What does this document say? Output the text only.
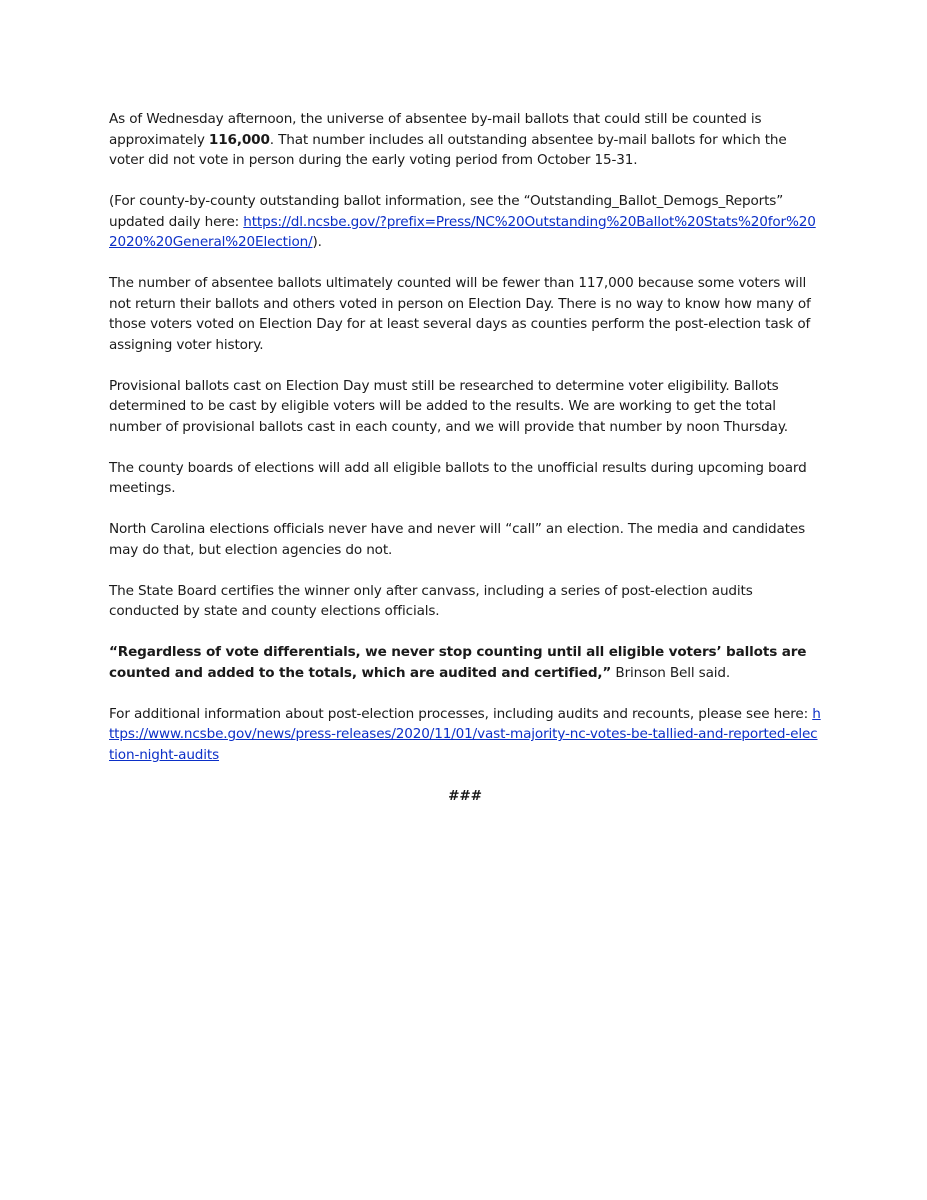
As of Wednesday afternoon, the universe of absentee by-mail ballots that could still be counted is approximately 116,000. That number includes all outstanding absentee by-mail ballots for which the voter did not vote in person during the early voting period from October 15-31.

(For county-by-county outstanding ballot information, see the “Outstanding_Ballot_Demogs_Reports” updated daily here: https://dl.ncsbe.gov/?prefix=Press/NC%20Outstanding%20Ballot%20Stats%20for%202020%20General%20Election/).

The number of absentee ballots ultimately counted will be fewer than 117,000 because some voters will not return their ballots and others voted in person on Election Day. There is no way to know how many of those voters voted on Election Day for at least several days as counties perform the post-election task of assigning voter history.

Provisional ballots cast on Election Day must still be researched to determine voter eligibility. Ballots determined to be cast by eligible voters will be added to the results. We are working to get the total number of provisional ballots cast in each county, and we will provide that number by noon Thursday.

The county boards of elections will add all eligible ballots to the unofficial results during upcoming board meetings.

North Carolina elections officials never have and never will “call” an election. The media and candidates may do that, but election agencies do not.

The State Board certifies the winner only after canvass, including a series of post-election audits conducted by state and county elections officials.

“Regardless of vote differentials, we never stop counting until all eligible voters’ ballots are counted and added to the totals, which are audited and certified,” Brinson Bell said.

For additional information about post-election processes, including audits and recounts, please see here: https://www.ncsbe.gov/news/press-releases/2020/11/01/vast-majority-nc-votes-be-tallied-and-reported-election-night-audits

###
